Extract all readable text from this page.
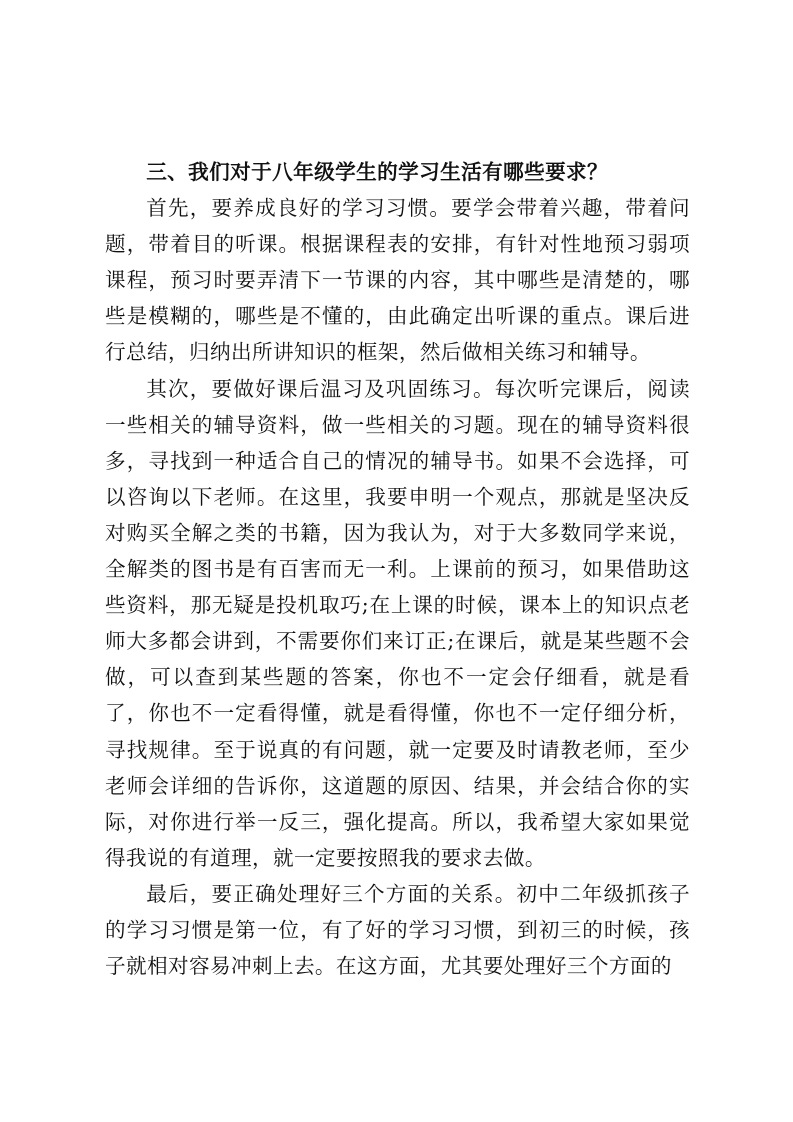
三、我们对于八年级学生的学习生活有哪些要求？

首先，要养成良好的学习习惯。要学会带着兴趣，带着问题，带着目的听课。根据课程表的安排，有针对性地预习弱项课程，预习时要弄清下一节课的内容，其中哪些是清楚的，哪些是模糊的，哪些是不懂的，由此确定出听课的重点。课后进行总结，归纳出所讲知识的框架，然后做相关练习和辅导。

其次，要做好课后温习及巩固练习。每次听完课后，阅读一些相关的辅导资料，做一些相关的习题。现在的辅导资料很多，寻找到一种适合自己的情况的辅导书。如果不会选择，可以咨询以下老师。在这里，我要申明一个观点，那就是坚决反对购买全解之类的书籍，因为我认为，对于大多数同学来说，全解类的图书是有百害而无一利。上课前的预习，如果借助这些资料，那无疑是投机取巧;在上课的时候，课本上的知识点老师大多都会讲到，不需要你们来订正;在课后，就是某些题不会做，可以查到某些题的答案，你也不一定会仔细看，就是看了，你也不一定看得懂，就是看得懂，你也不一定仔细分析，寻找规律。至于说真的有问题，就一定要及时请教老师，至少老师会详细的告诉你，这道题的原因、结果，并会结合你的实际，对你进行举一反三，强化提高。所以，我希望大家如果觉得我说的有道理，就一定要按照我的要求去做。

最后，要正确处理好三个方面的关系。初中二年级抓孩子的学习习惯是第一位，有了好的学习习惯，到初三的时候，孩子就相对容易冲刺上去。在这方面，尤其要处理好三个方面的
